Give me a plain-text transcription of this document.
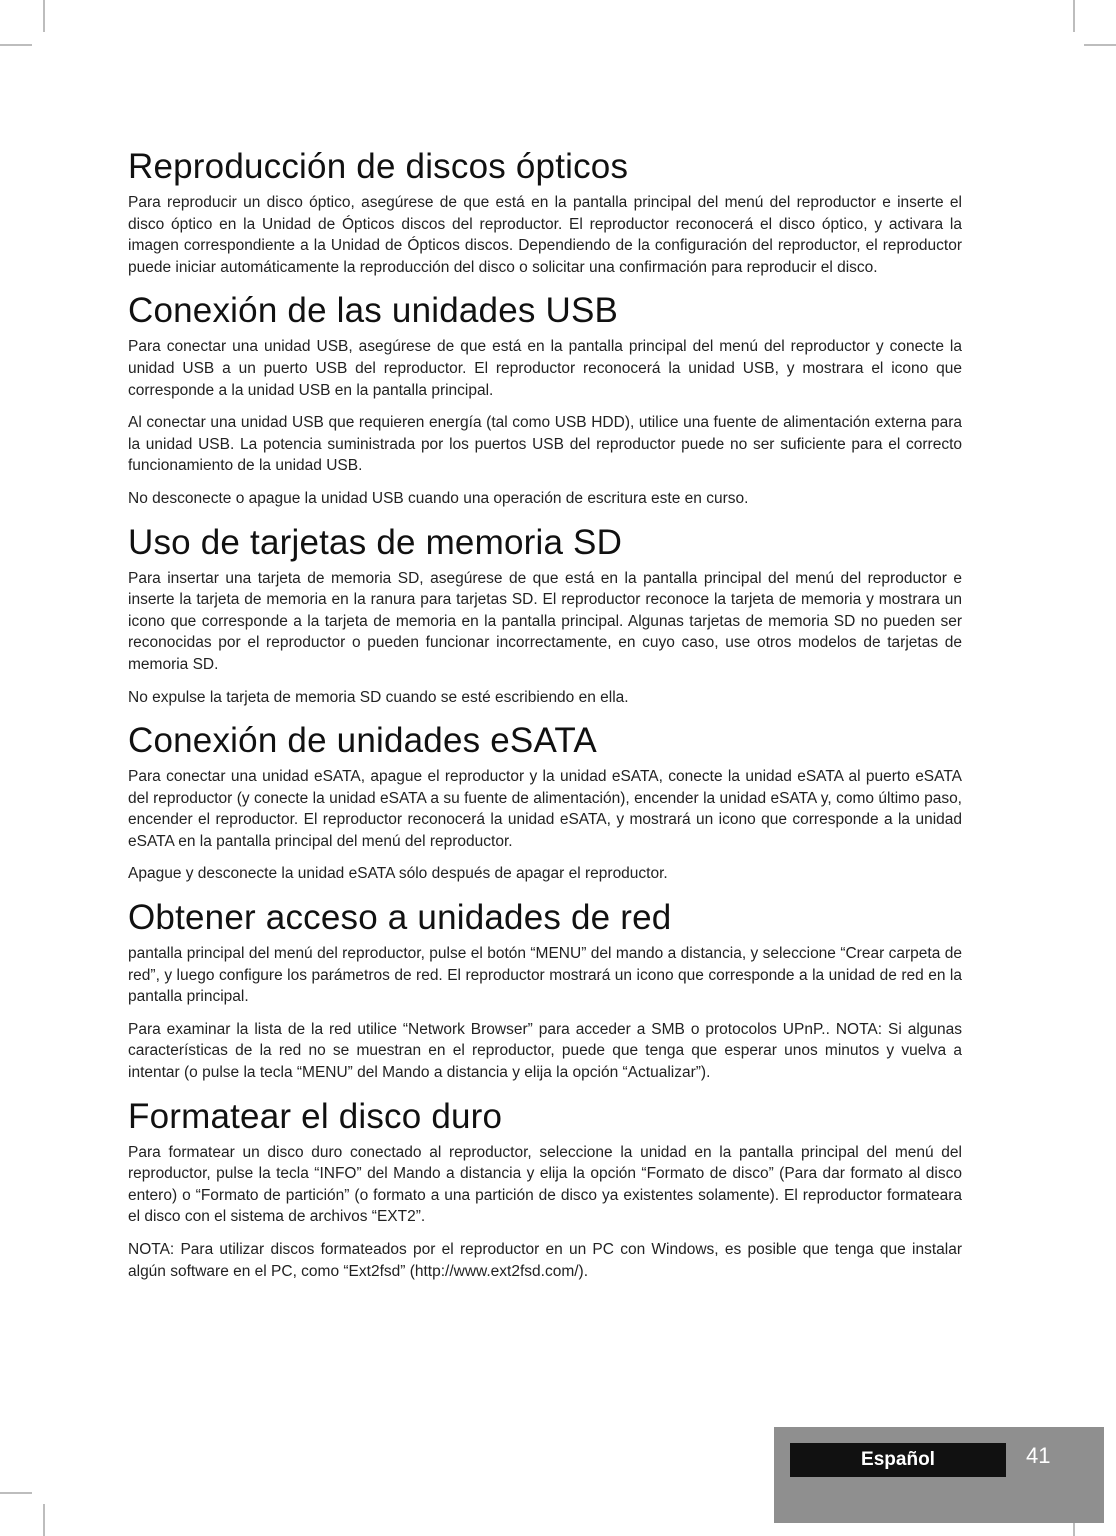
Reproducción de discos ópticos

Para reproducir un disco óptico, asegúrese de que está en la pantalla principal del menú del reproductor e inserte el disco óptico en la Unidad de Ópticos discos del reproductor. El reproductor reconocerá el disco óptico, y activara la imagen correspondiente a la Unidad de Ópticos discos. Dependiendo de la configuración del reproductor, el reproductor puede iniciar automáticamente la reproducción del disco o solicitar una confirmación para reproducir el disco.

Conexión de las unidades USB

Para conectar una unidad USB, asegúrese de que está en la pantalla principal del menú del reproductor y conecte la unidad USB a un puerto USB del reproductor. El reproductor reconocerá la unidad USB, y mostrara el icono que corresponde a la unidad USB en la pantalla principal.

Al conectar una unidad USB que requieren energía (tal como USB HDD), utilice una fuente de alimentación externa para la unidad USB. La potencia suministrada por los puertos USB del reproductor puede no ser suficiente para el correcto funcionamiento de la unidad USB.

No desconecte o apague la unidad USB cuando una operación de escritura este en curso.

Uso de tarjetas de memoria SD

Para insertar una tarjeta de memoria SD, asegúrese de que está en la pantalla principal del menú del reproductor e inserte la tarjeta de memoria en la ranura para tarjetas SD. El reproductor reconoce la tarjeta de memoria y mostrara un icono que corresponde a la tarjeta de memoria en la pantalla principal. Algunas tarjetas de memoria SD no pueden ser reconocidas por el reproductor o pueden funcionar incorrectamente, en cuyo caso, use otros modelos de tarjetas de memoria SD.

No expulse la tarjeta de memoria SD cuando se esté escribiendo en ella.

Conexión de unidades eSATA

Para conectar una unidad eSATA, apague el reproductor y la unidad eSATA, conecte la unidad eSATA al puerto eSATA del reproductor (y conecte la unidad eSATA a su fuente de alimentación), encender la unidad eSATA y, como último paso, encender el reproductor. El reproductor reconocerá la unidad eSATA, y mostrará un icono que corresponde a la unidad eSATA en la pantalla principal del menú del reproductor.

Apague y desconecte la unidad eSATA sólo después de apagar el reproductor.

Obtener acceso a unidades de red

pantalla principal del menú del reproductor, pulse el botón “MENU” del mando a distancia, y seleccione “Crear carpeta de red”, y luego configure los parámetros de red. El reproductor mostrará un icono que corresponde a la unidad de red en la pantalla principal.

Para examinar la lista de la red utilice “Network Browser” para acceder a SMB o protocolos UPnP.. NOTA: Si algunas características de la red no se muestran en el reproductor, puede que tenga que esperar unos minutos y vuelva a intentar (o pulse la tecla “MENU” del Mando a distancia y elija la opción “Actualizar”).

Formatear el disco duro

Para formatear un disco duro conectado al reproductor, seleccione la unidad en la pantalla principal del menú del reproductor, pulse la tecla “INFO” del Mando a distancia y elija la opción “Formato de disco” (Para dar formato al disco entero) o “Formato de partición” (o formato a una partición de disco ya existentes solamente). El reproductor formateara el disco con el sistema de archivos “EXT2”.

NOTA: Para utilizar discos formateados por el reproductor en un PC con Windows, es posible que tenga que instalar algún software en el PC, como “Ext2fsd” (http://www.ext2fsd.com/).

Español	41
